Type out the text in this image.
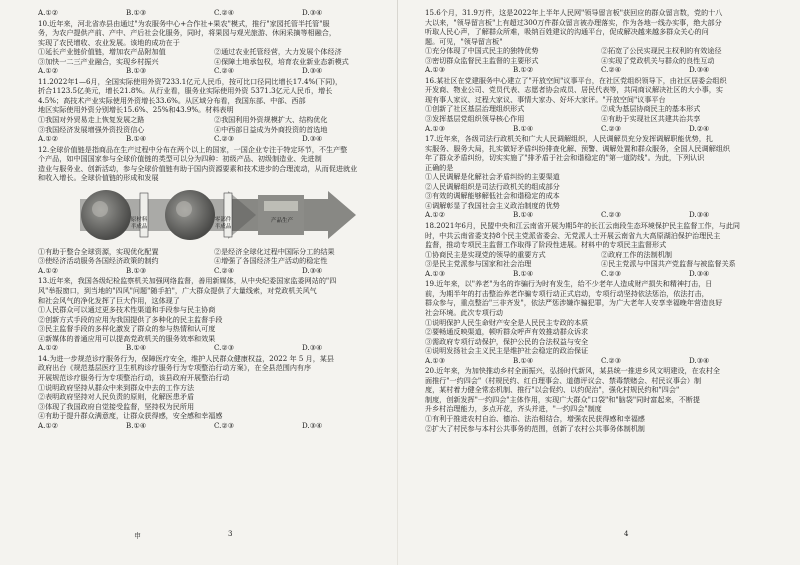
A.①②	B.①③	C.②④	D.③④
10.近年来，河北省赤县由通过"为农服务中心+合作社+果农"模式，推行"家园托管半托管"服
务，为农户提供产前、产中、产后社会化服务，同时，将果园与观光旅游、休闲采摘等相融合，
实现了农民增收、农业发展。该地的成功在于
①延长产业链价值链，增加农产品附加值	②通过农业托管经营，大力发展个体经济
③加快一二三产业融合，实现乡村振兴	④保障土地承包权，培育农业新业态新模式
A.①②	B.①③	C.②④	D.③④
11.2022年1—6月，全国实际使用外资7233.1亿元人民币，按可比口径同比增长17.4%(下同)，
折合1123.5亿美元，增长21.8%。从行业看，服务业实际使用外资 5371.3亿元人民币，增长
4.5%；高技术产业实际使用外资增长33.6%。从区域分布看，我国东部、中部、西部
地区实际使用外资分别增长15.6%、25%和43.9%。材料表明
①我国对外贸易走上恢复发展之路	②我国利用外资规模扩大、结构优化
③我国经济发展增强外资投资信心	④中西部日益成为外商投资的首选地
A.①②	B.①④	C.②③	D.③④
12.全球价值链是指商品在生产过程中分布在两个以上的国家，一国企业专注于特定环节，不生产整
个产品，如中国国家参与全球价值链的类型可以分为四种：初级产品、初级制造业、先进制
造业与服务业、创新活动，参与全球价值链有助于国内资源要素和技术进步的合理流动，从而促进就业
和收入增长。全球价值链的形成和发展
原材料
半成品
零部件
半成品
产品生产
①有助于整合全球资源，实现优化配置	②是经济全球化过程中国际分工的结果
③使经济活动服务各国经济政策的制约	④增强了各国经济生产活动的稳定性
A.①②	B.①③	C.②④	D.③④
13.近年来，我国各级纪检监察机关加强网络监督，善用新媒体，从中央纪委国家监委网站的"四
风"举报窗口，到当地的"四风"问题"随手拍"，广大群众提供了大量线索，对党政机关风气
和社会风气的净化发挥了巨大作用，这体现了
①人民群众可以通过更多技术性渠道和手段参与民主协商
②创新方式手段的应用为我国提供了多种化的民主监督手段
③民主监督手段的多样化激发了群众的参与热情和认可度
④新媒体的普通应用可以提高党政机关的服务效率和效果
A.①②	B.①④	C.②③	D.③④
14.为进一步规范诊疗服务行为，保障医疗安全，维护人民群众健康权益，2022 年 5 月，某县
政府出台《规范基层医疗卫生机构诊疗服务行为专项整治行动方案》，在全县范围内有序
开展规范诊疗服务行为专项整治行动，该县政府开展整治行动
①说明政府坚持从群众中来到群众中去的工作方法
②表明政府坚持对人民负责的原则，化解医患矛盾
③体现了我国政府自觉接受监督，坚持权为民所用
④有助于提升群众满意度，让群众获得感，安全感和幸福感
A.①②	B.①④	C.②③	D.③④
申	3
15.6个月，31.9万件，这是2022年上半年人民网"领导留言板"获回应的群众留言数，党的十八
大以来，"领导留言板"上有超过300万件群众留言被办理落实，作为各地一线办实事，绝大部分
听取人民心声，了解群众所难，吸纳百姓建议的沟通平台，促成解决越来越多群众关心的问
题。可见，"领导留言板"
①充分体现了中国式民主的独特优势	②拓宽了公民实现民主权利的有效途径
③密切群众监督民主监督的主要形式	④实现了党政机关与群众的良性互动
A.①③	B.①②	C.②④	D.③④
16.某社区在党建服务中心建立了"开放空间"议事平台，在社区党组织领导下，由社区居委会组织
开发商、物业公司、党员代表、志愿者协会成员、居民代表等，共同商议解决社区的大小事，实
现有事人家议、过程大家议、事情大家办、好坏大家评。"开放空间"议事平台
①创新了社区基层治理组织形式	②成为基层协商民主的基本形式
③发挥基层党组织领导核心作用	④有助于实现社区共建共治共享
A.①③	B.①④	C.②③	D.②④
17.近年来，各级司法行政机关和广大人民调解组织，人民调解员充分发挥调解职能优势，扎
实服务、服务大局，扎实做好矛盾纠纷排查化解、预警、调解处置和群众服务，全国人民调解组织
年了群众矛盾纠纷，切实实施了"排矛盾于社会和谐稳定的"第一道防线"。为此，下列认识
正确的是
①人民调解是化解社会矛盾纠纷的主要渠道
②人民调解组织是司法行政机关的组成部分
③有效的调解能够解低社会和谐稳定的成本
④调解彰显了我国社会主义政治制度的优势
A.①②	B.①④	C.②③	D.③④
18.2021年6月，民盟中央和江云南省开展为期5年的长江云南段生态环境保护民主监督工作，与此同
时，中共云南省委支持8个民主党派省委会、无党派人士开展云南省九大高原湖泊保护治理民主
监督，推动专项民主监督工作取得了阶段性进展。材料中的专项民主监督形式
①协商民主是实现党的领导的重要方式	②政府工作的法制机制
③是民主党派参与国家和社会治理	④民主党派与中国共产党监督与被监督关系
A.①③	B.①④	C.②③	D.③④
19.近年来，以"养老"为名的诈骗行为时有发生，给不少老年人造成财产损失和精神打击，日
前，为期半年的打击整治养老诈骗专项行动正式启动，专项行动坚持依法惩治，依法打击，
群众参与，重点整治"三非齐发"，依法严惩涉嫌诈骗犯罪，为广大老年人安享幸福晚年营造良好
社会环境。此次专项行动
①说明保护人民生命财产安全是人民民主专政的本质
②要畅通反映渠道，顿听群众呼声有效推动群众诉求
③需政府专项行动保护，保护公民的合法权益与安全
④说明发扬社会主义民主是维护社会稳定的政治保证
A.①③	B.①④	C.②③	D.③④
20.近年来，为加快推动乡村全面振兴，弘扬时代新风，某县统一推进乡风文明建设，在农村全
面推行"一约四会"（村规民约、红白理事会、道德评议会、禁毒禁赌会、村民议事会）制
度，某村着力健全常态机制、推行"以会促约、以约促治"，强化村规民约和"四会"
制度，创新发挥"一约四会"主体作用，实现广大群众"口袋"和"脑袋"同时富起来，不断提
升乡村治理能力，多点开花，齐头并进，"一约四会"制度
①有利于推进农村自治、德治、法治相结合，增强农民获得感和幸福感
②扩大了村民参与本村公共事务的范围，创新了农村公共事务体制机制
4
